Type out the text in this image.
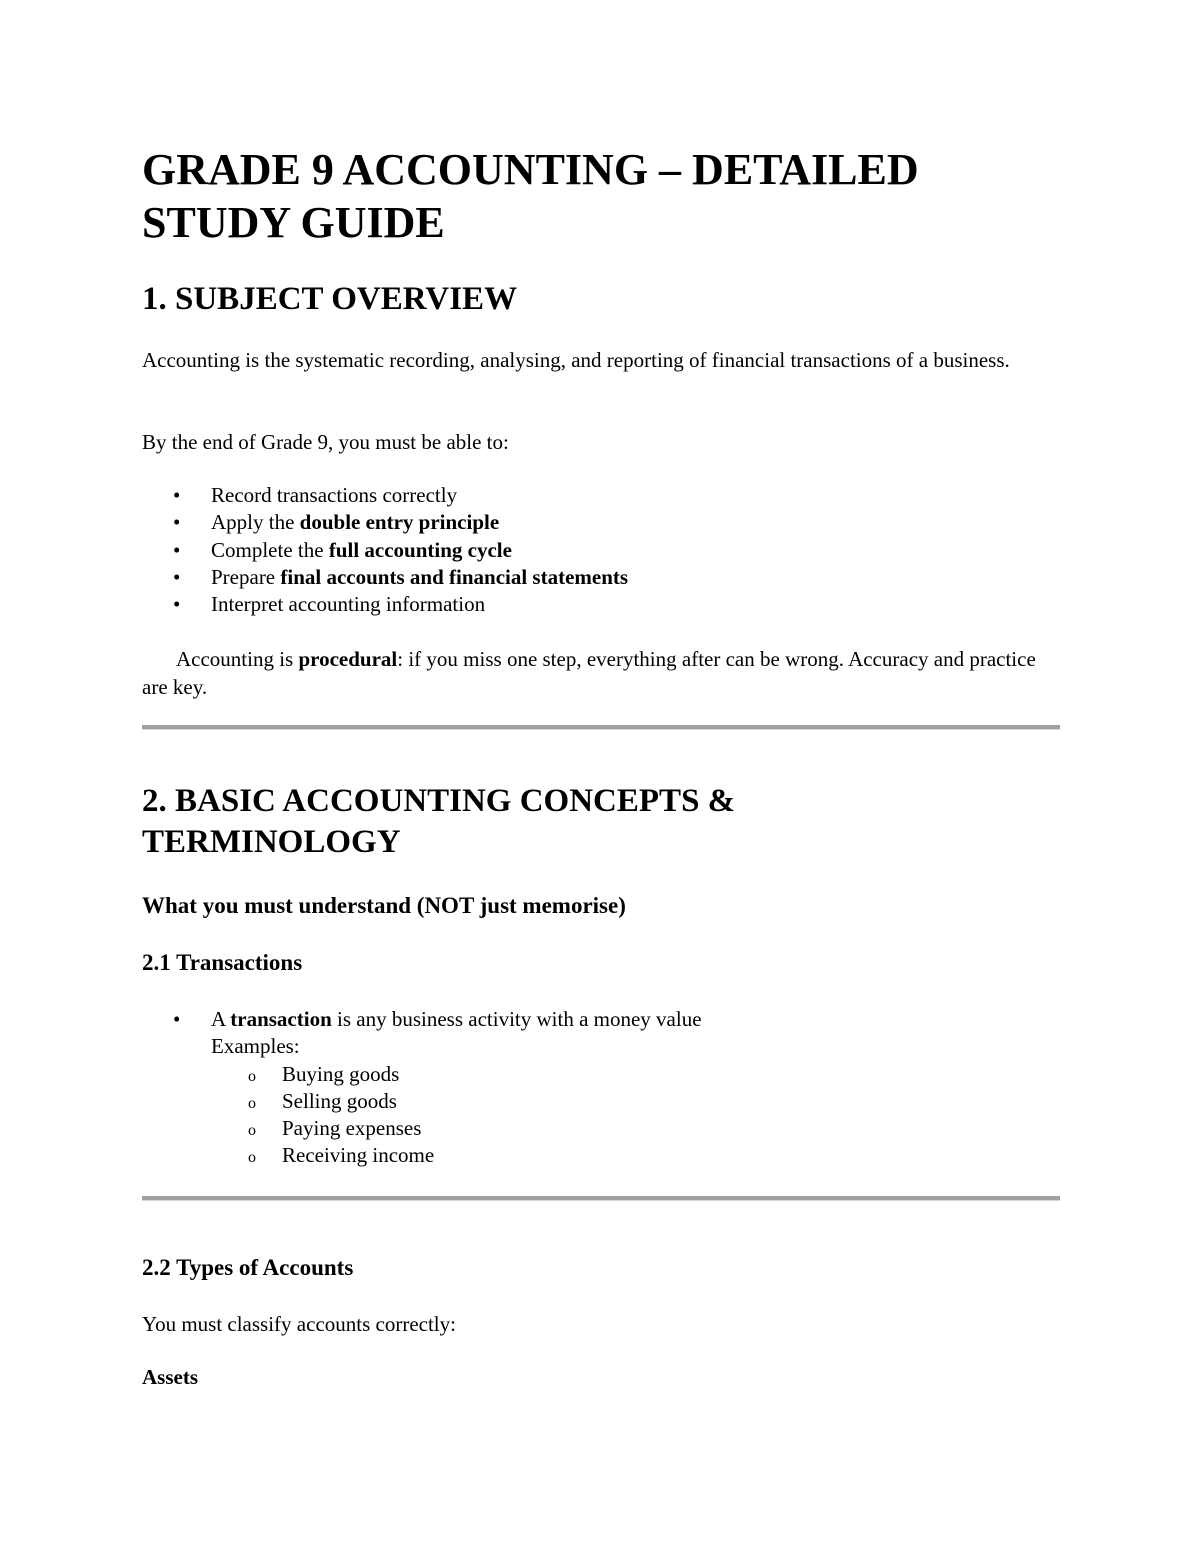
GRADE 9 ACCOUNTING – DETAILED STUDY GUIDE
1. SUBJECT OVERVIEW

Accounting is the systematic recording, analysing, and reporting of financial transactions of a business.

By the end of Grade 9, you must be able to:

• Record transactions correctly
• Apply the double entry principle
• Complete the full accounting cycle
• Prepare final accounts and financial statements
• Interpret accounting information

Accounting is procedural: if you miss one step, everything after can be wrong. Accuracy and practice are key.

2. BASIC ACCOUNTING CONCEPTS & TERMINOLOGY
What you must understand (NOT just memorise)
2.1 Transactions
• A transaction is any business activity with a money value
Examples:
o Buying goods
o Selling goods
o Paying expenses
o Receiving income
2.2 Types of Accounts

You must classify accounts correctly:

Assets
